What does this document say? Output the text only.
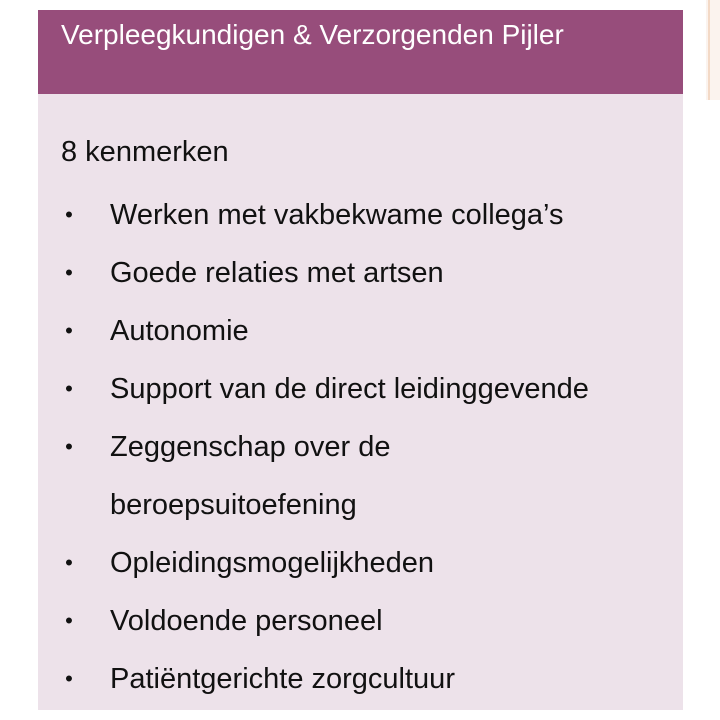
Verpleegkundigen & Verzorgenden Pijler

8 kenmerken

• Werken met vakbekwame collega’s
• Goede relaties met artsen
• Autonomie
• Support van de direct leidinggevende
• Zeggenschap over de beroepsuitoefening
• Opleidingsmogelijkheden
• Voldoende personeel
• Patiëntgerichte zorgcultuur
